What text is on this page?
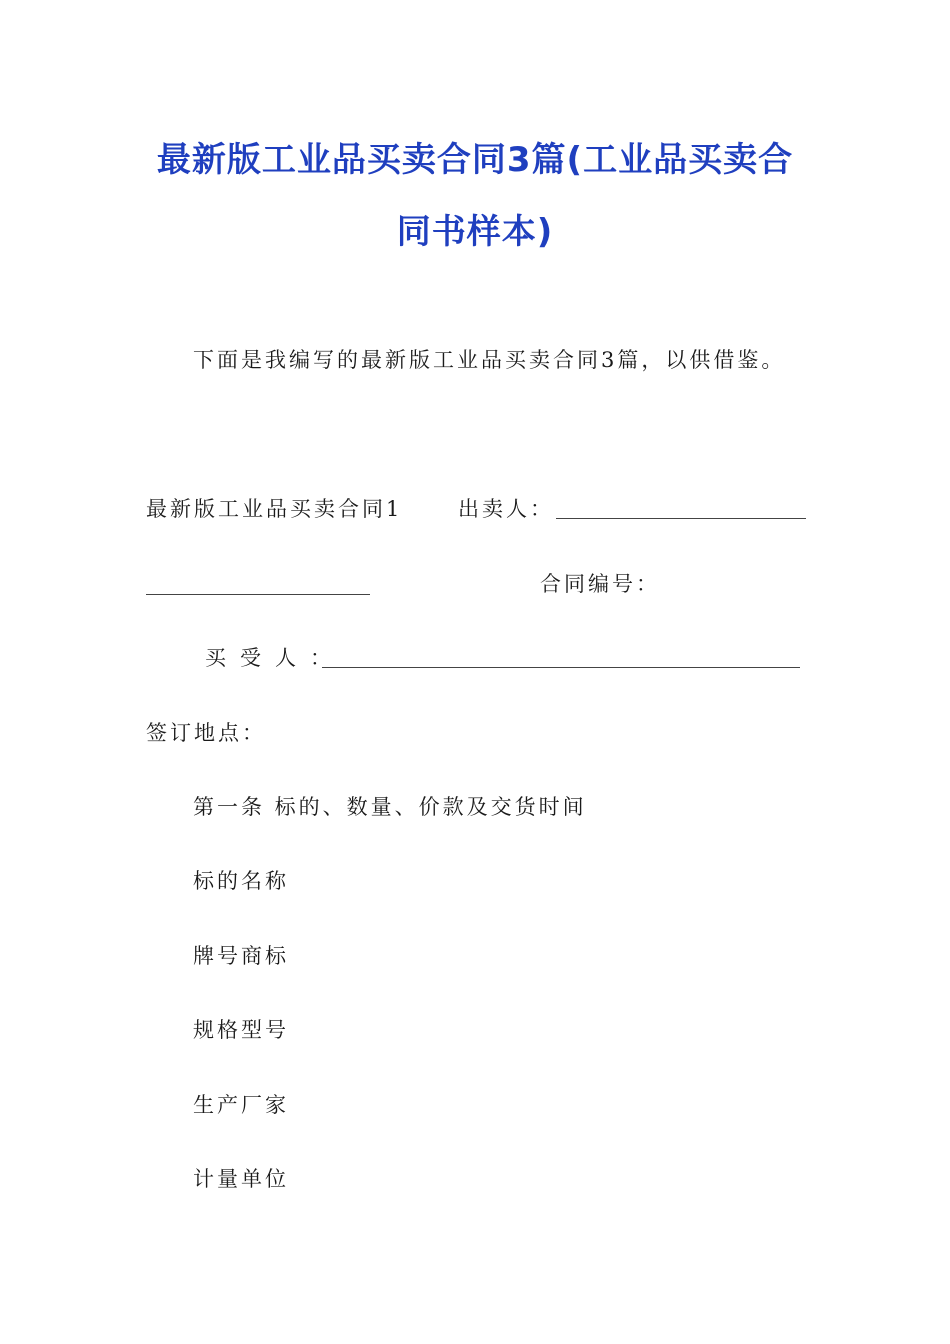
最新版工业品买卖合同3篇(工业品买卖合
同书样本)
下面是我编写的最新版工业品买卖合同3篇，以供借鉴。
最新版工业品买卖合同1	出卖人：
合同编号：
买受人：
签订地点：
第一条 标的、数量、价款及交货时间
标的名称
牌号商标
规格型号
生产厂家
计量单位
